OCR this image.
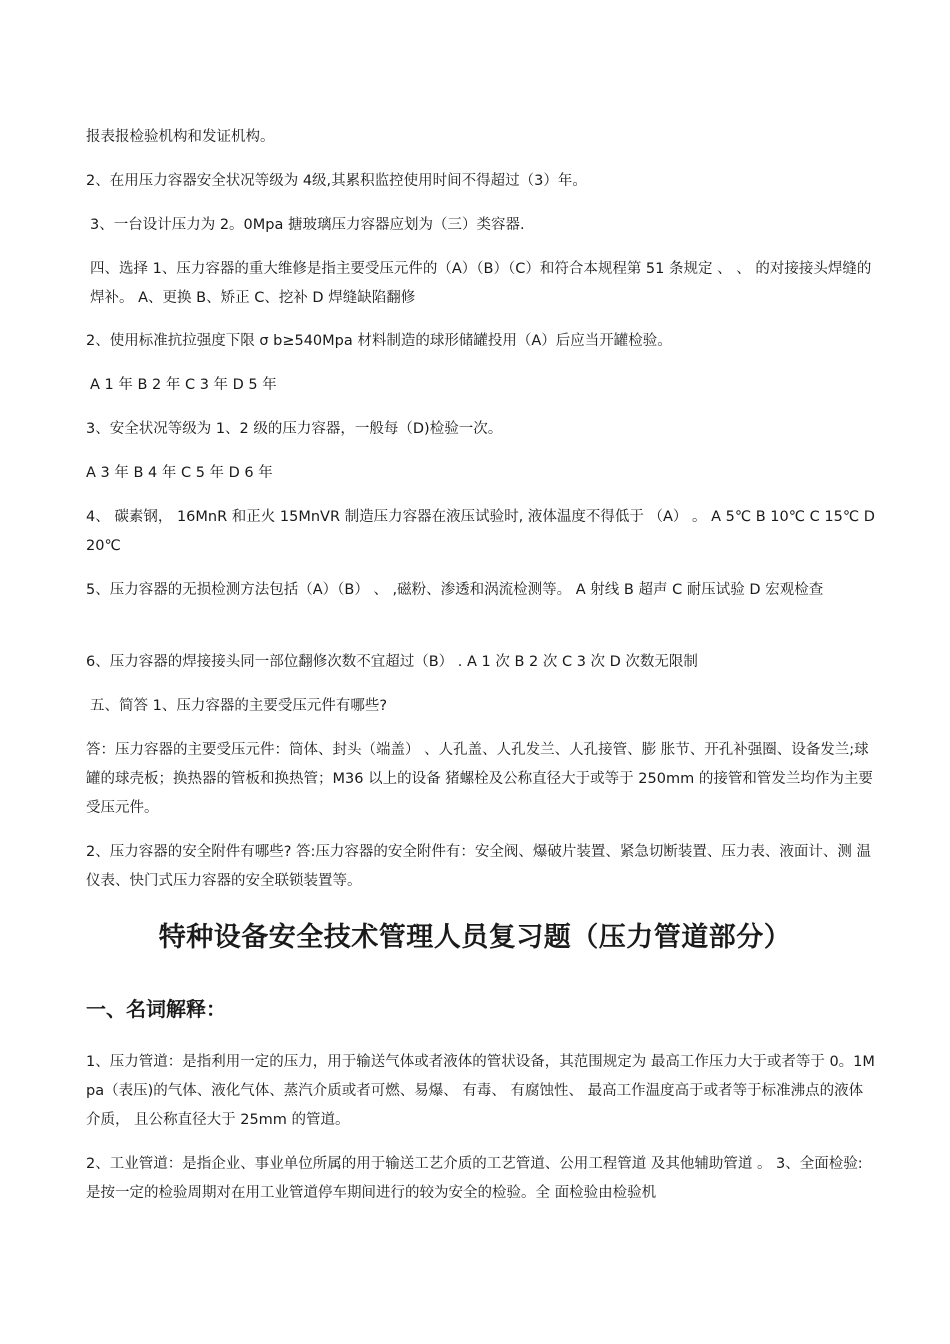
报表报检验机构和发证机构。

2、在用压力容器安全状况等级为 4级,其累积监控使用时间不得超过（3）年。

3、一台设计压力为 2。0Mpa 搪玻璃压力容器应划为（三）类容器.

四、选择 1、压力容器的重大维修是指主要受压元件的（A）（B）（C）和符合本规程第 51 条规定 、 、 的对接接头焊缝的焊补。 A、更换 B、矫正 C、挖补 D 焊缝缺陷翻修

2、使用标准抗拉强度下限 σ b≥540Mpa 材料制造的球形储罐投用（A）后应当开罐检验。

A 1 年 B 2 年 C 3 年 D 5 年

3、安全状况等级为 1、2 级的压力容器，一般每（D)检验一次。

A 3 年 B 4 年 C 5 年 D 6 年

4、 碳素钢， 16MnR 和正火 15MnVR 制造压力容器在液压试验时, 液体温度不得低于 （A） 。 A 5℃ B 10℃ C 15℃ D 20℃

5、压力容器的无损检测方法包括（A）（B） 、 ,磁粉、渗透和涡流检测等。 A 射线 B 超声 C 耐压试验 D 宏观检查

6、压力容器的焊接接头同一部位翻修次数不宜超过（B） . A 1 次 B 2 次 C 3 次 D 次数无限制

五、简答 1、压力容器的主要受压元件有哪些?

答：压力容器的主要受压元件：筒体、封头（端盖） 、人孔盖、人孔发兰、人孔接管、膨 胀节、开孔补强圈、设备发兰;球罐的球壳板；换热器的管板和换热管；M36 以上的设备 猪螺栓及公称直径大于或等于 250mm 的接管和管发兰均作为主要受压元件。

2、压力容器的安全附件有哪些? 答:压力容器的安全附件有：安全阀、爆破片装置、紧急切断装置、压力表、液面计、测 温仪表、快门式压力容器的安全联锁装置等。

特种设备安全技术管理人员复习题（压力管道部分）
一、名词解释：

1、压力管道：是指利用一定的压力，用于输送气体或者液体的管状设备，其范围规定为 最高工作压力大于或者等于 0。1Mpa（表压)的气体、液化气体、蒸汽介质或者可燃、易爆、 有毒、 有腐蚀性、 最高工作温度高于或者等于标准沸点的液体介质， 且公称直径大于 25mm 的管道。

2、工业管道：是指企业、事业单位所属的用于输送工艺介质的工艺管道、公用工程管道 及其他辅助管道 。 3、全面检验:是按一定的检验周期对在用工业管道停车期间进行的较为安全的检验。全 面检验由检验机
